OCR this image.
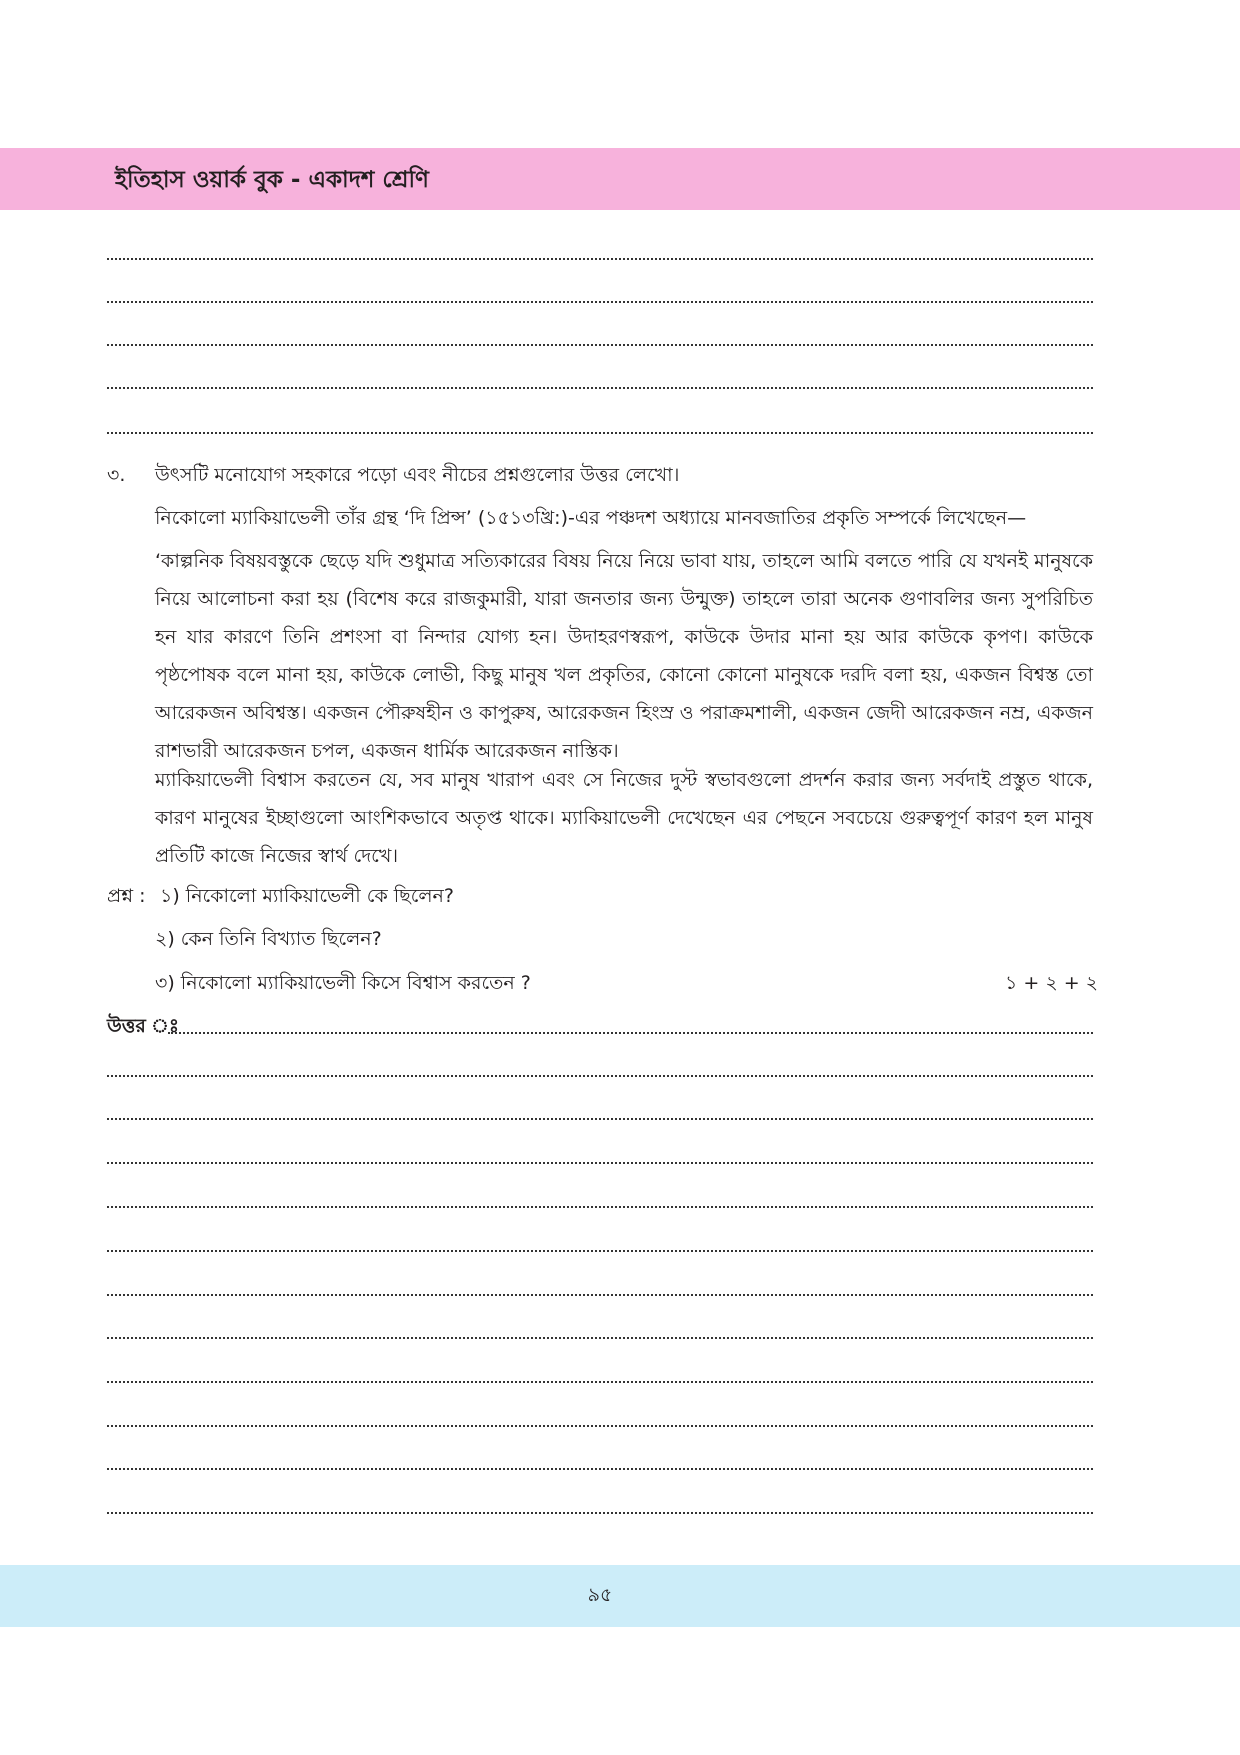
ইতিহাস ওয়ার্ক বুক - একাদশ শ্রেণি
৩. উৎসটি মনোযোগ সহকারে পড়ো এবং নীচের প্রশ্নগুলোর উত্তর লেখো।
নিকোলো ম্যাকিয়াভেলী তাঁর গ্রন্থ ‘দি প্রিন্স’ (১৫১৩খ্রি:)-এর পঞ্চদশ অধ্যায়ে মানবজাতির প্রকৃতি সম্পর্কে লিখেছেন—
‘কাল্পনিক বিষয়বস্তুকে ছেড়ে যদি শুধুমাত্র সত্যিকারের বিষয় নিয়ে নিয়ে ভাবা যায়, তাহলে আমি বলতে পারি যে যখনই মানুষকে নিয়ে আলোচনা করা হয় (বিশেষ করে রাজকুমারী, যারা জনতার জন্য উন্মুক্ত) তাহলে তারা অনেক গুণাবলির জন্য সুপরিচিত হন যার কারণে তিনি প্রশংসা বা নিন্দার যোগ্য হন। উদাহরণস্বরূপ, কাউকে উদার মানা হয় আর কাউকে কৃপণ। কাউকে পৃষ্ঠপোষক বলে মানা হয়, কাউকে লোভী, কিছু মানুষ খল প্রকৃতির, কোনো কোনো মানুষকে দরদি বলা হয়, একজন বিশ্বস্ত তো আরেকজন অবিশ্বস্ত। একজন পৌরুষহীন ও কাপুরুষ, আরেকজন হিংস্র ও পরাক্রমশালী, একজন জেদী আরেকজন নম্র, একজন রাশভারী আরেকজন চপল, একজন ধার্মিক আরেকজন নাস্তিক।
ম্যাকিয়াভেলী বিশ্বাস করতেন যে, সব মানুষ খারাপ এবং সে নিজের দুস্ট স্বভাবগুলো প্রদর্শন করার জন্য সর্বদাই প্রস্তুত থাকে, কারণ মানুষের ইচ্ছাগুলো আংশিকভাবে অতৃপ্ত থাকে। ম্যাকিয়াভেলী দেখেছেন এর পেছনে সবচেয়ে গুরুত্বপূর্ণ কারণ হল মানুষ প্রতিটি কাজে নিজের স্বার্থ দেখে।
প্রশ্ন : ১) নিকোলো ম্যাকিয়াভেলী কে ছিলেন?
২) কেন তিনি বিখ্যাত ছিলেন?
৩) নিকোলো ম্যাকিয়াভেলী কিসে বিশ্বাস করতেন ?	১ + ২ + ২
উত্তর ঃ
৯৫
